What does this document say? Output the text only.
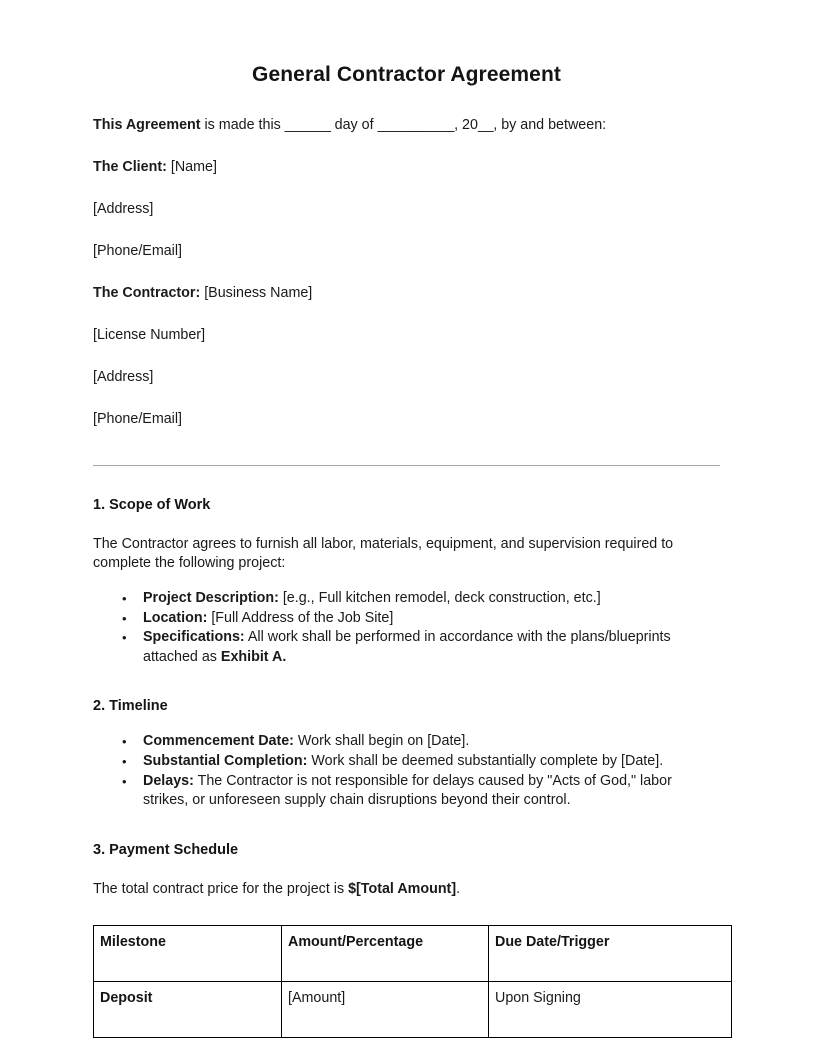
General Contractor Agreement

This Agreement is made this ______ day of __________, 20__, by and between:

The Client: [Name]

[Address]

[Phone/Email]

The Contractor: [Business Name]

[License Number]

[Address]

[Phone/Email]

1. Scope of Work

The Contractor agrees to furnish all labor, materials, equipment, and supervision required to complete the following project:

• Project Description: [e.g., Full kitchen remodel, deck construction, etc.]
• Location: [Full Address of the Job Site]
• Specifications: All work shall be performed in accordance with the plans/blueprints attached as Exhibit A.
2. Timeline
• Commencement Date: Work shall begin on [Date].
• Substantial Completion: Work shall be deemed substantially complete by [Date].
• Delays: The Contractor is not responsible for delays caused by "Acts of God," labor strikes, or unforeseen supply chain disruptions beyond their control.
3. Payment Schedule

The total contract price for the project is $[Total Amount].

Milestone	Amount/Percentage	Due Date/Trigger
Deposit	[Amount]	Upon Signing
